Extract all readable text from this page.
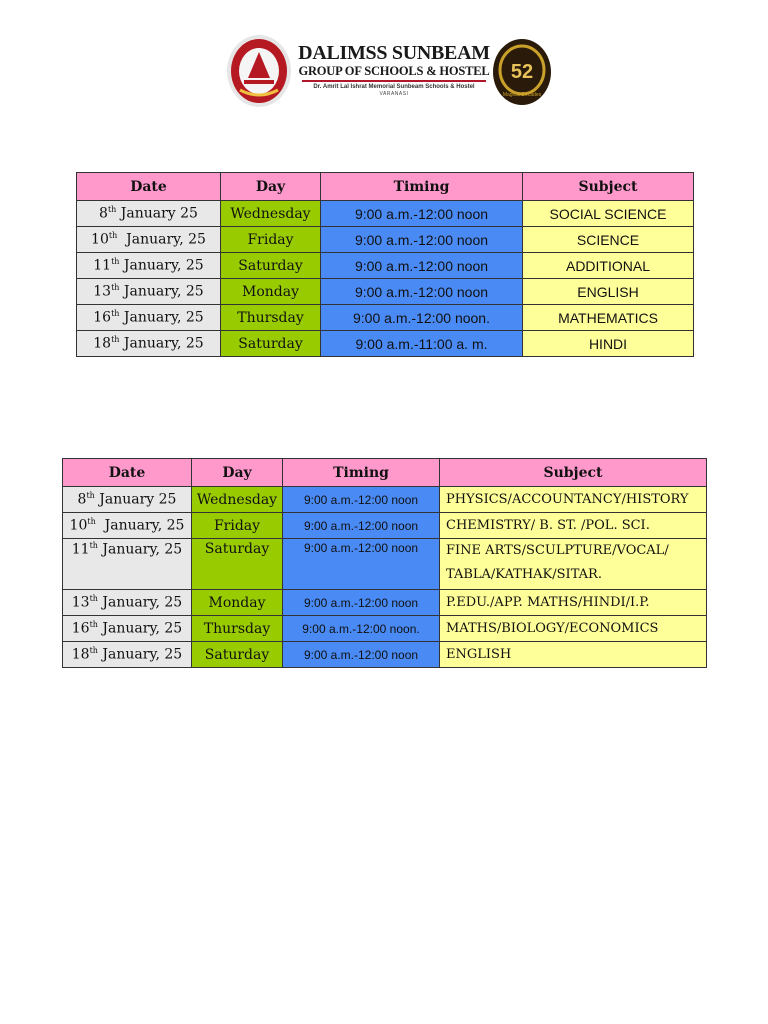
DALIMSS SUNBEAM
GROUP OF SCHOOLS & HOSTEL
Dr. Amrit Lal Ishrat Memorial Sunbeam Schools & Hostel
VARANASI
52
Magical Decades
Date	Day	Timing	Subject
8th January 25	Wednesday	9:00 a.m.-12:00 noon	SOCIAL SCIENCE
10th  January, 25	Friday	9:00 a.m.-12:00 noon	SCIENCE
11th January, 25	Saturday	9:00 a.m.-12:00 noon	ADDITIONAL
13th January, 25	Monday	9:00 a.m.-12:00 noon	ENGLISH
16th January, 25	Thursday	9:00 a.m.-12:00 noon.	MATHEMATICS
18th January, 25	Saturday	9:00 a.m.-11:00 a. m.	HINDI
Date	Day	Timing	Subject
8th January 25	Wednesday	9:00 a.m.-12:00 noon	PHYSICS/ACCOUNTANCY/HISTORY
10th  January, 25	Friday	9:00 a.m.-12:00 noon	CHEMISTRY/ B. ST. /POL. SCI.
11th January, 25	Saturday	9:00 a.m.-12:00 noon	FINE ARTS/SCULPTURE/VOCAL/ TABLA/KATHAK/SITAR.
13th January, 25	Monday	9:00 a.m.-12:00 noon	P.EDU./APP. MATHS/HINDI/I.P.
16th January, 25	Thursday	9:00 a.m.-12:00 noon.	MATHS/BIOLOGY/ECONOMICS
18th January, 25	Saturday	9:00 a.m.-12:00 noon	ENGLISH
